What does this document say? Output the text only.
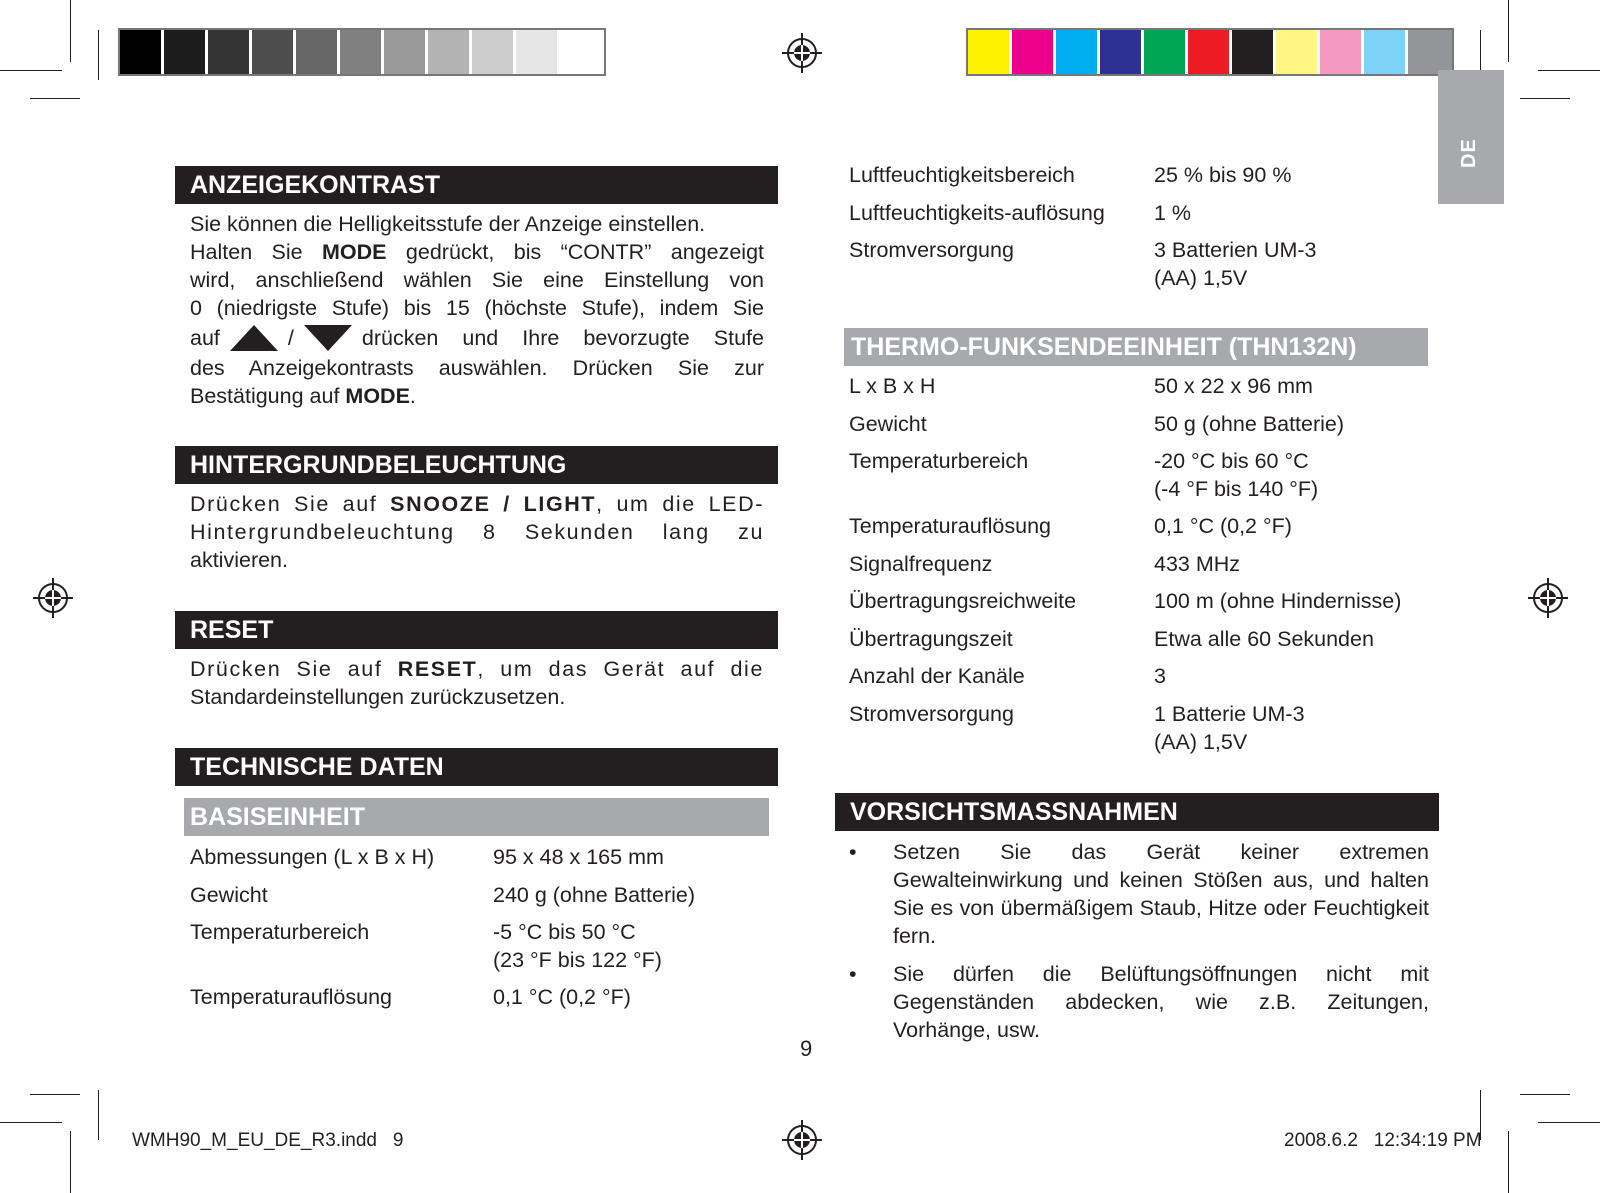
DE
ANZEIGEKONTRAST
Sie können die Helligkeitsstufe der Anzeige einstellen.
Halten Sie MODE gedrückt, bis “CONTR” angezeigt
wird, anschließend wählen Sie eine Einstellung von
0 (niedrigste Stufe) bis 15 (höchste Stufe), indem Sie
auf	/	drücken und Ihre bevorzugte Stufe
des Anzeigekontrasts auswählen. Drücken Sie zur
Bestätigung auf MODE.
HINTERGRUNDBELEUCHTUNG
Drücken Sie auf SNOOZE / LIGHT, um die LED-
Hintergrundbeleuchtung 8 Sekunden lang zu
aktivieren.
RESET
Drücken Sie auf RESET, um das Gerät auf die
Standardeinstellungen zurückzusetzen.
TECHNISCHE DATEN
BASISEINHEIT
Abmessungen (L x B x H)	95 x 48 x 165 mm
Gewicht	240 g (ohne Batterie)
Temperaturbereich	-5 °C bis 50 °C
(23 °F bis 122 °F)
Temperaturauflösung	0,1 °C (0,2 °F)
Luftfeuchtigkeitsbereich	25 % bis 90 %
Luftfeuchtigkeits-auflösung 1 %
Stromversorgung	3 Batterien UM-3
(AA) 1,5V
THERMO-FUNKSENDEEINHEIT (THN132N)
L x B x H	50 x 22 x 96 mm
Gewicht	50 g (ohne Batterie)
Temperaturbereich	-20 °C bis 60 °C
(-4 °F bis 140 °F)
Temperaturauflösung	0,1 °C (0,2 °F)
Signalfrequenz	433 MHz
Übertragungsreichweite	100 m (ohne Hindernisse)
Übertragungszeit	Etwa alle 60 Sekunden
Anzahl der Kanäle	3
Stromversorgung	1 Batterie UM-3
(AA) 1,5V
VORSICHTSMASSNAHMEN
• Setzen Sie das Gerät keiner extremen Gewalteinwirkung und keinen Stößen aus, und halten Sie es von übermäßigem Staub, Hitze oder Feuchtigkeit fern.
• Sie dürfen die Belüftungsöffnungen nicht mit Gegenständen abdecken, wie z.B. Zeitungen, Vorhänge, usw.
9
WMH90_M_EU_DE_R3.indd   9	2008.6.2   12:34:19 PM
